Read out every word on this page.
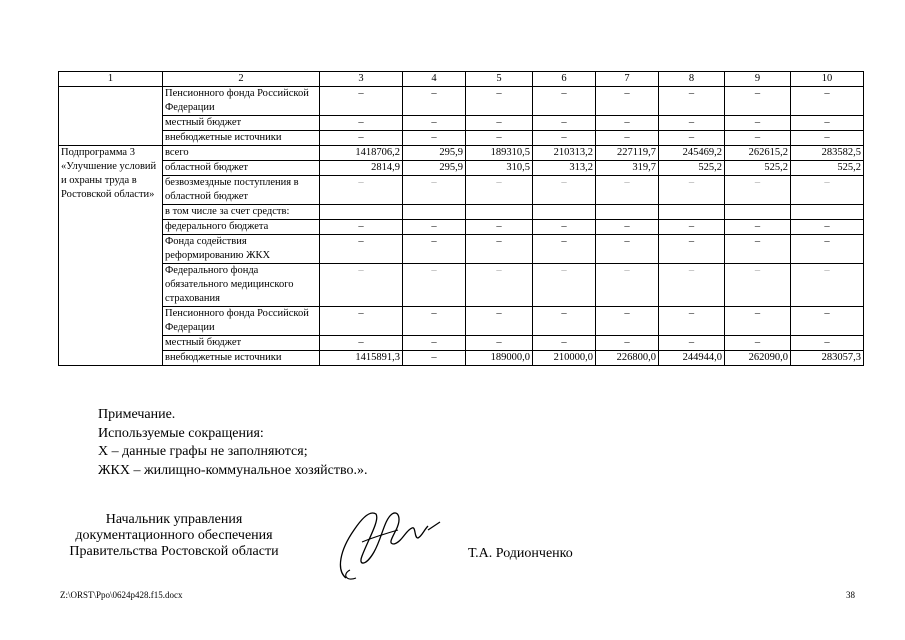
1	2	3	4	5	6	7	8	9	10
	Пенсионного фонда Российской Федерации	–	–	–	–	–	–	–	–
	местный бюджет	–	–	–	–	–	–	–	–
	внебюджетные источники	–	–	–	–	–	–	–	–
Подпрограмма 3 «Улучшение условий и охраны труда в Ростовской области»	всего	1418706,2	295,9	189310,5	210313,2	227119,7	245469,2	262615,2	283582,5
	областной бюджет	2814,9	295,9	310,5	313,2	319,7	525,2	525,2	525,2
	безвозмездные поступления в областной бюджет	–	–	–	–	–	–	–	–
	в том числе за счет средств:								
	федерального бюджета	–	–	–	–	–	–	–	–
	Фонда содействия реформированию ЖКХ	–	–	–	–	–	–	–	–
	Федерального фонда обязательного медицинского страхования	–	–	–	–	–	–	–	–
	Пенсионного фонда Российской Федерации	–	–	–	–	–	–	–	–
	местный бюджет	–	–	–	–	–	–	–	–
	внебюджетные источники	1415891,3	–	189000,0	210000,0	226800,0	244944,0	262090,0	283057,3
Примечание.
Используемые сокращения:
Х – данные графы не заполняются;
ЖКХ – жилищно-коммунальное хозяйство.».
Начальник управления
документационного обеспечения
Правительства Ростовской области	Т.А. Родионченко
Z:\ORST\Ppo\0624p428.f15.docx	38
